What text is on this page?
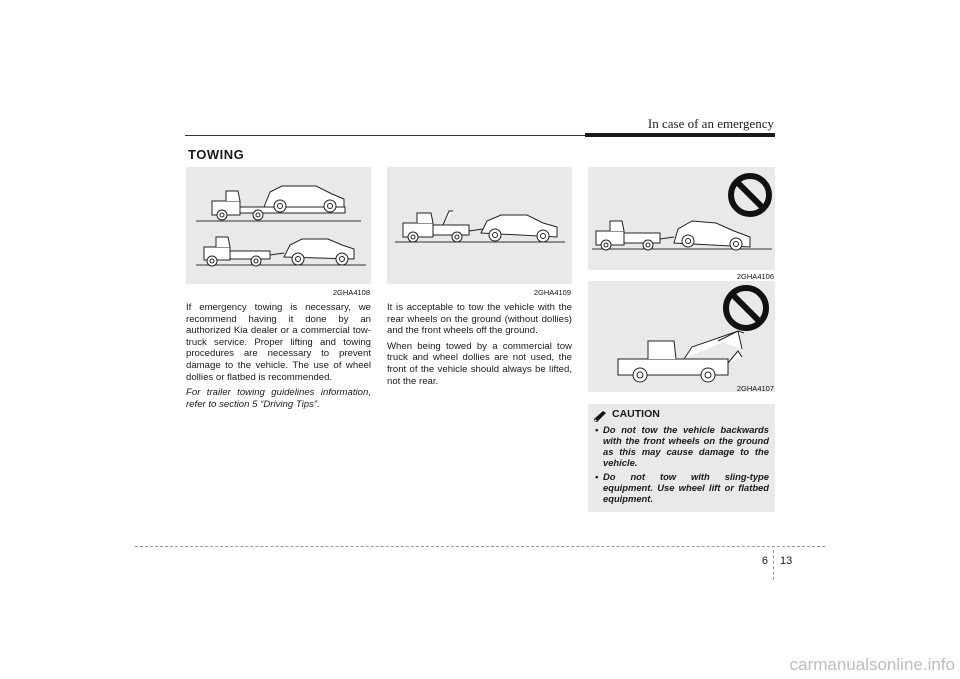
In case of an emergency
TOWING
2GHA4108	2GHA4109
2GHA4106
2GHA4107

If emergency towing is necessary, we recommend having it done by an authorized Kia dealer or a commercial tow-truck service. Proper lifting and towing procedures are necessary to prevent damage to the vehicle. The use of wheel dollies or flatbed is recommended.

For trailer towing guidelines information, refer to section 5 “Driving Tips”.

It is acceptable to tow the vehicle with the rear wheels on the ground (without dollies) and the front wheels off the ground.

When being towed by a commercial tow truck and wheel dollies are not used, the front of the vehicle should always be lifted, not the rear.

CAUTION
• Do not tow the vehicle backwards with the front wheels on the ground as this may cause damage to the vehicle.
• Do not tow with sling-type equipment. Use wheel lift or flatbed equipment.
6 13
carmanualsonline.info
